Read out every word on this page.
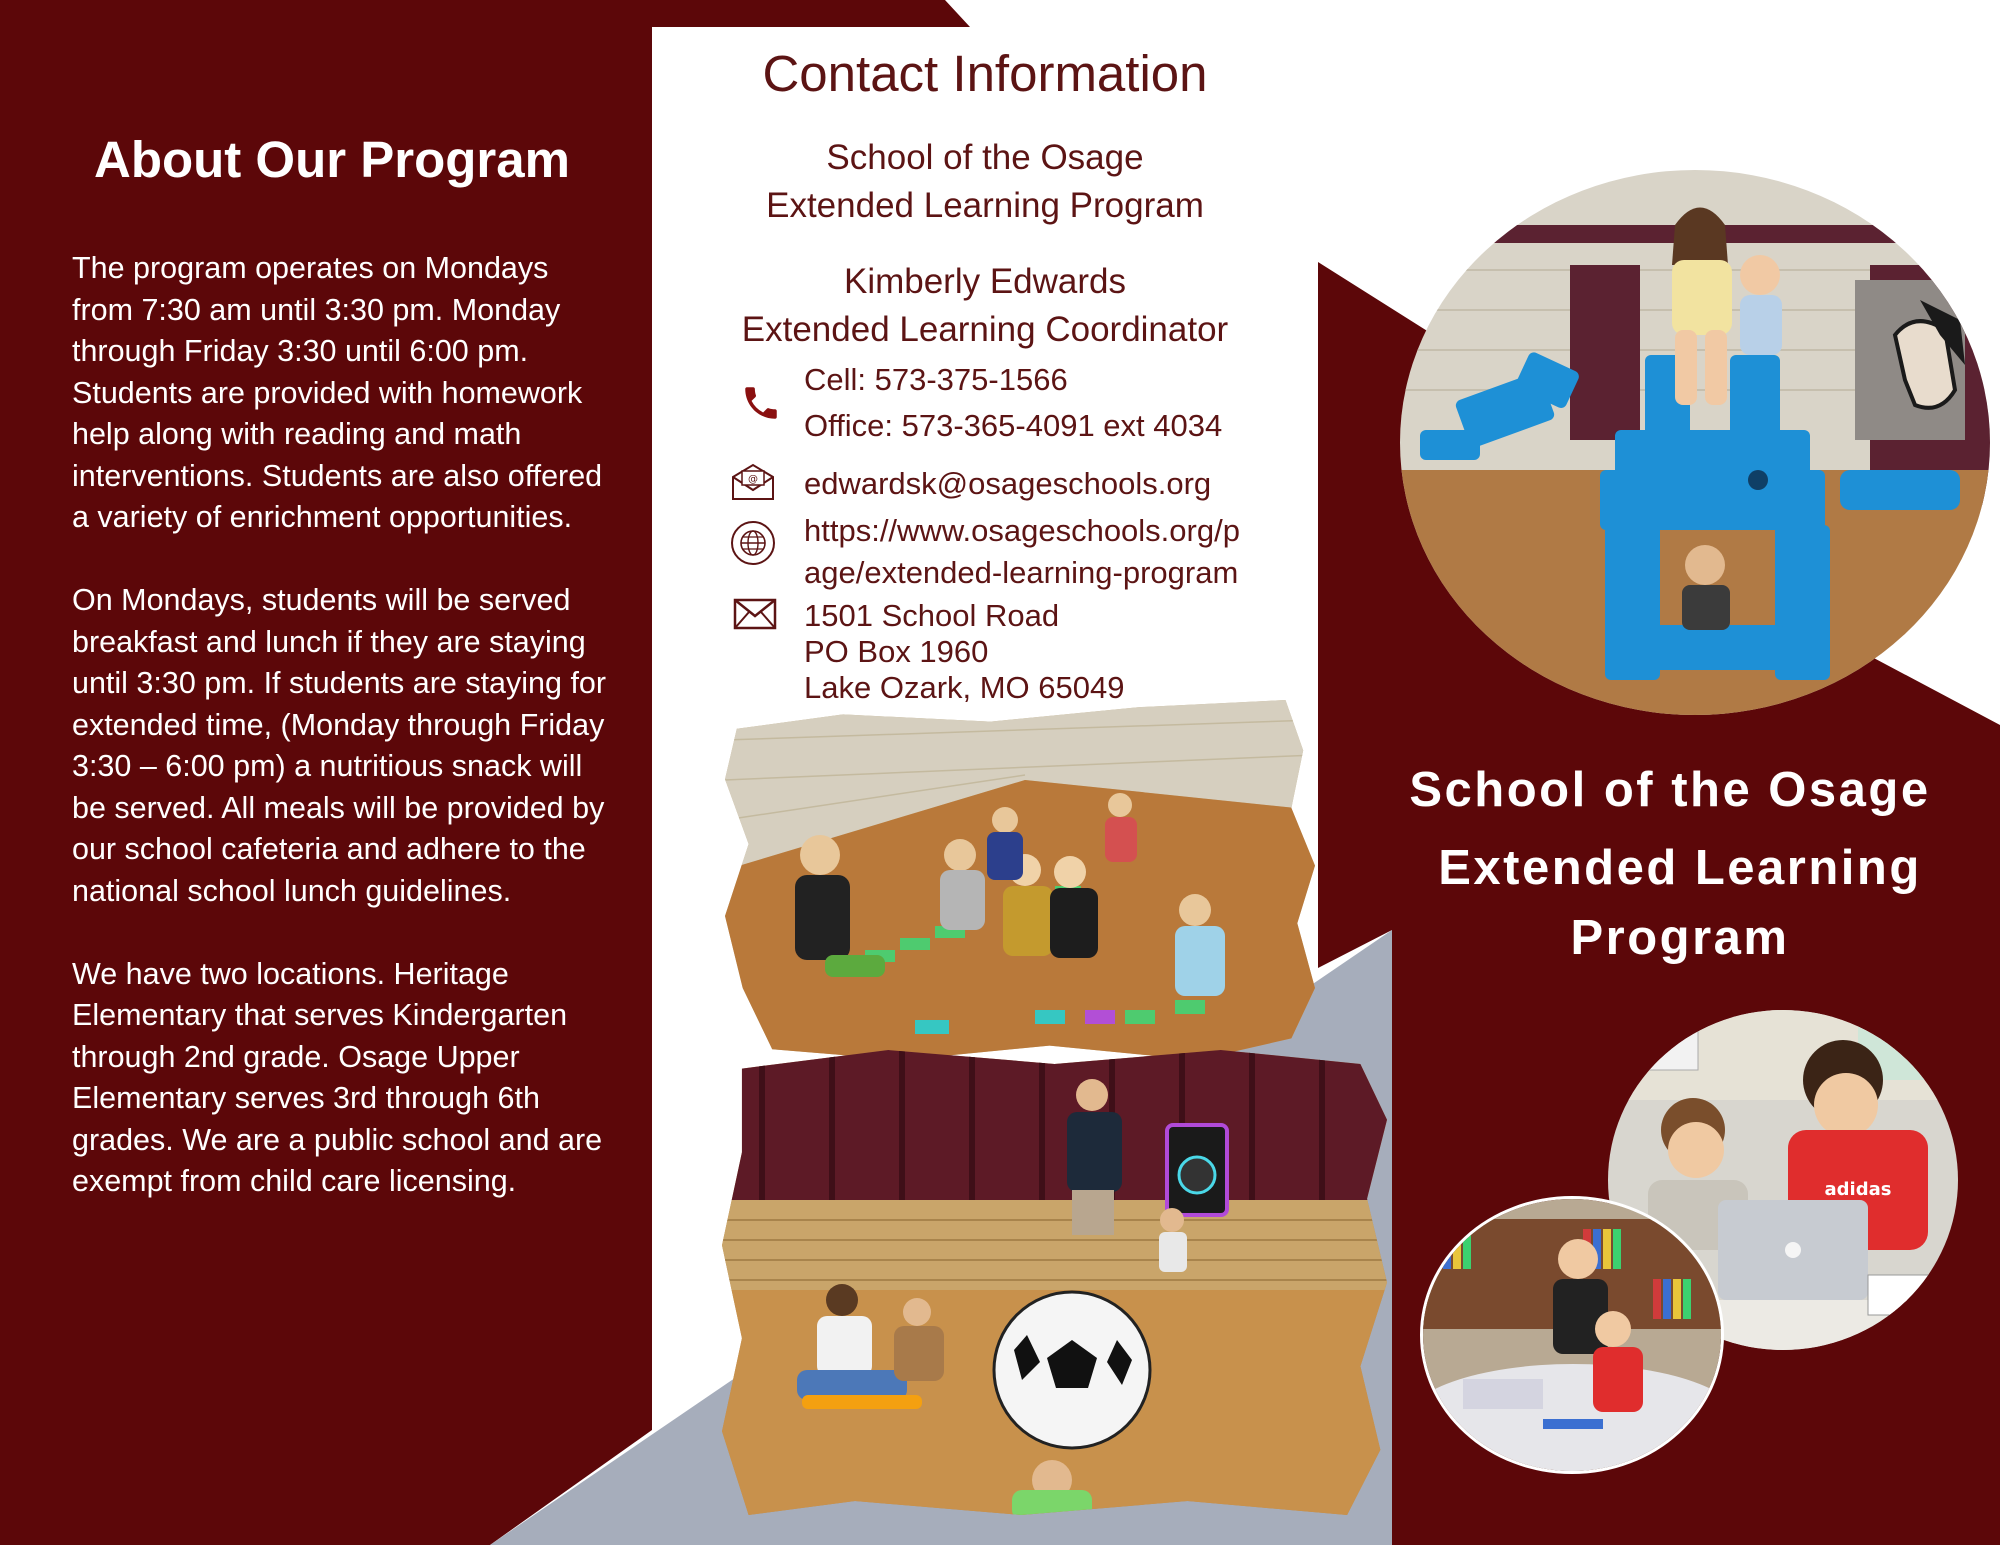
About Our Program

The program operates on Mondays from 7:30 am until 3:30 pm. Monday through Friday 3:30 until 6:00 pm. Students are provided with homework help along with reading and math interventions. Students are also offered a variety of enrichment opportunities.

On Mondays, students will be served breakfast and lunch if they are staying until 3:30 pm. If students are staying for extended time, (Monday through Friday 3:30 – 6:00 pm) a nutritious snack will be served. All meals will be provided by our school cafeteria and adhere to the national school lunch guidelines.

We have two locations. Heritage Elementary that serves Kindergarten through 2nd grade. Osage Upper Elementary serves 3rd through 6th grades. We are a public school and are exempt from child care licensing.

Contact Information
School of the Osage
Extended Learning Program
Kimberly Edwards
Extended Learning Coordinator
Cell: 573-375-1566
Office: 573-365-4091 ext 4034
@ edwardsk@osageschools.org
https://www.osageschools.org/p
age/extended-learning-program
1501 School Road
PO Box 1960
Lake Ozark, MO 65049
School of the Osage
Extended Learning
Program
adidas
